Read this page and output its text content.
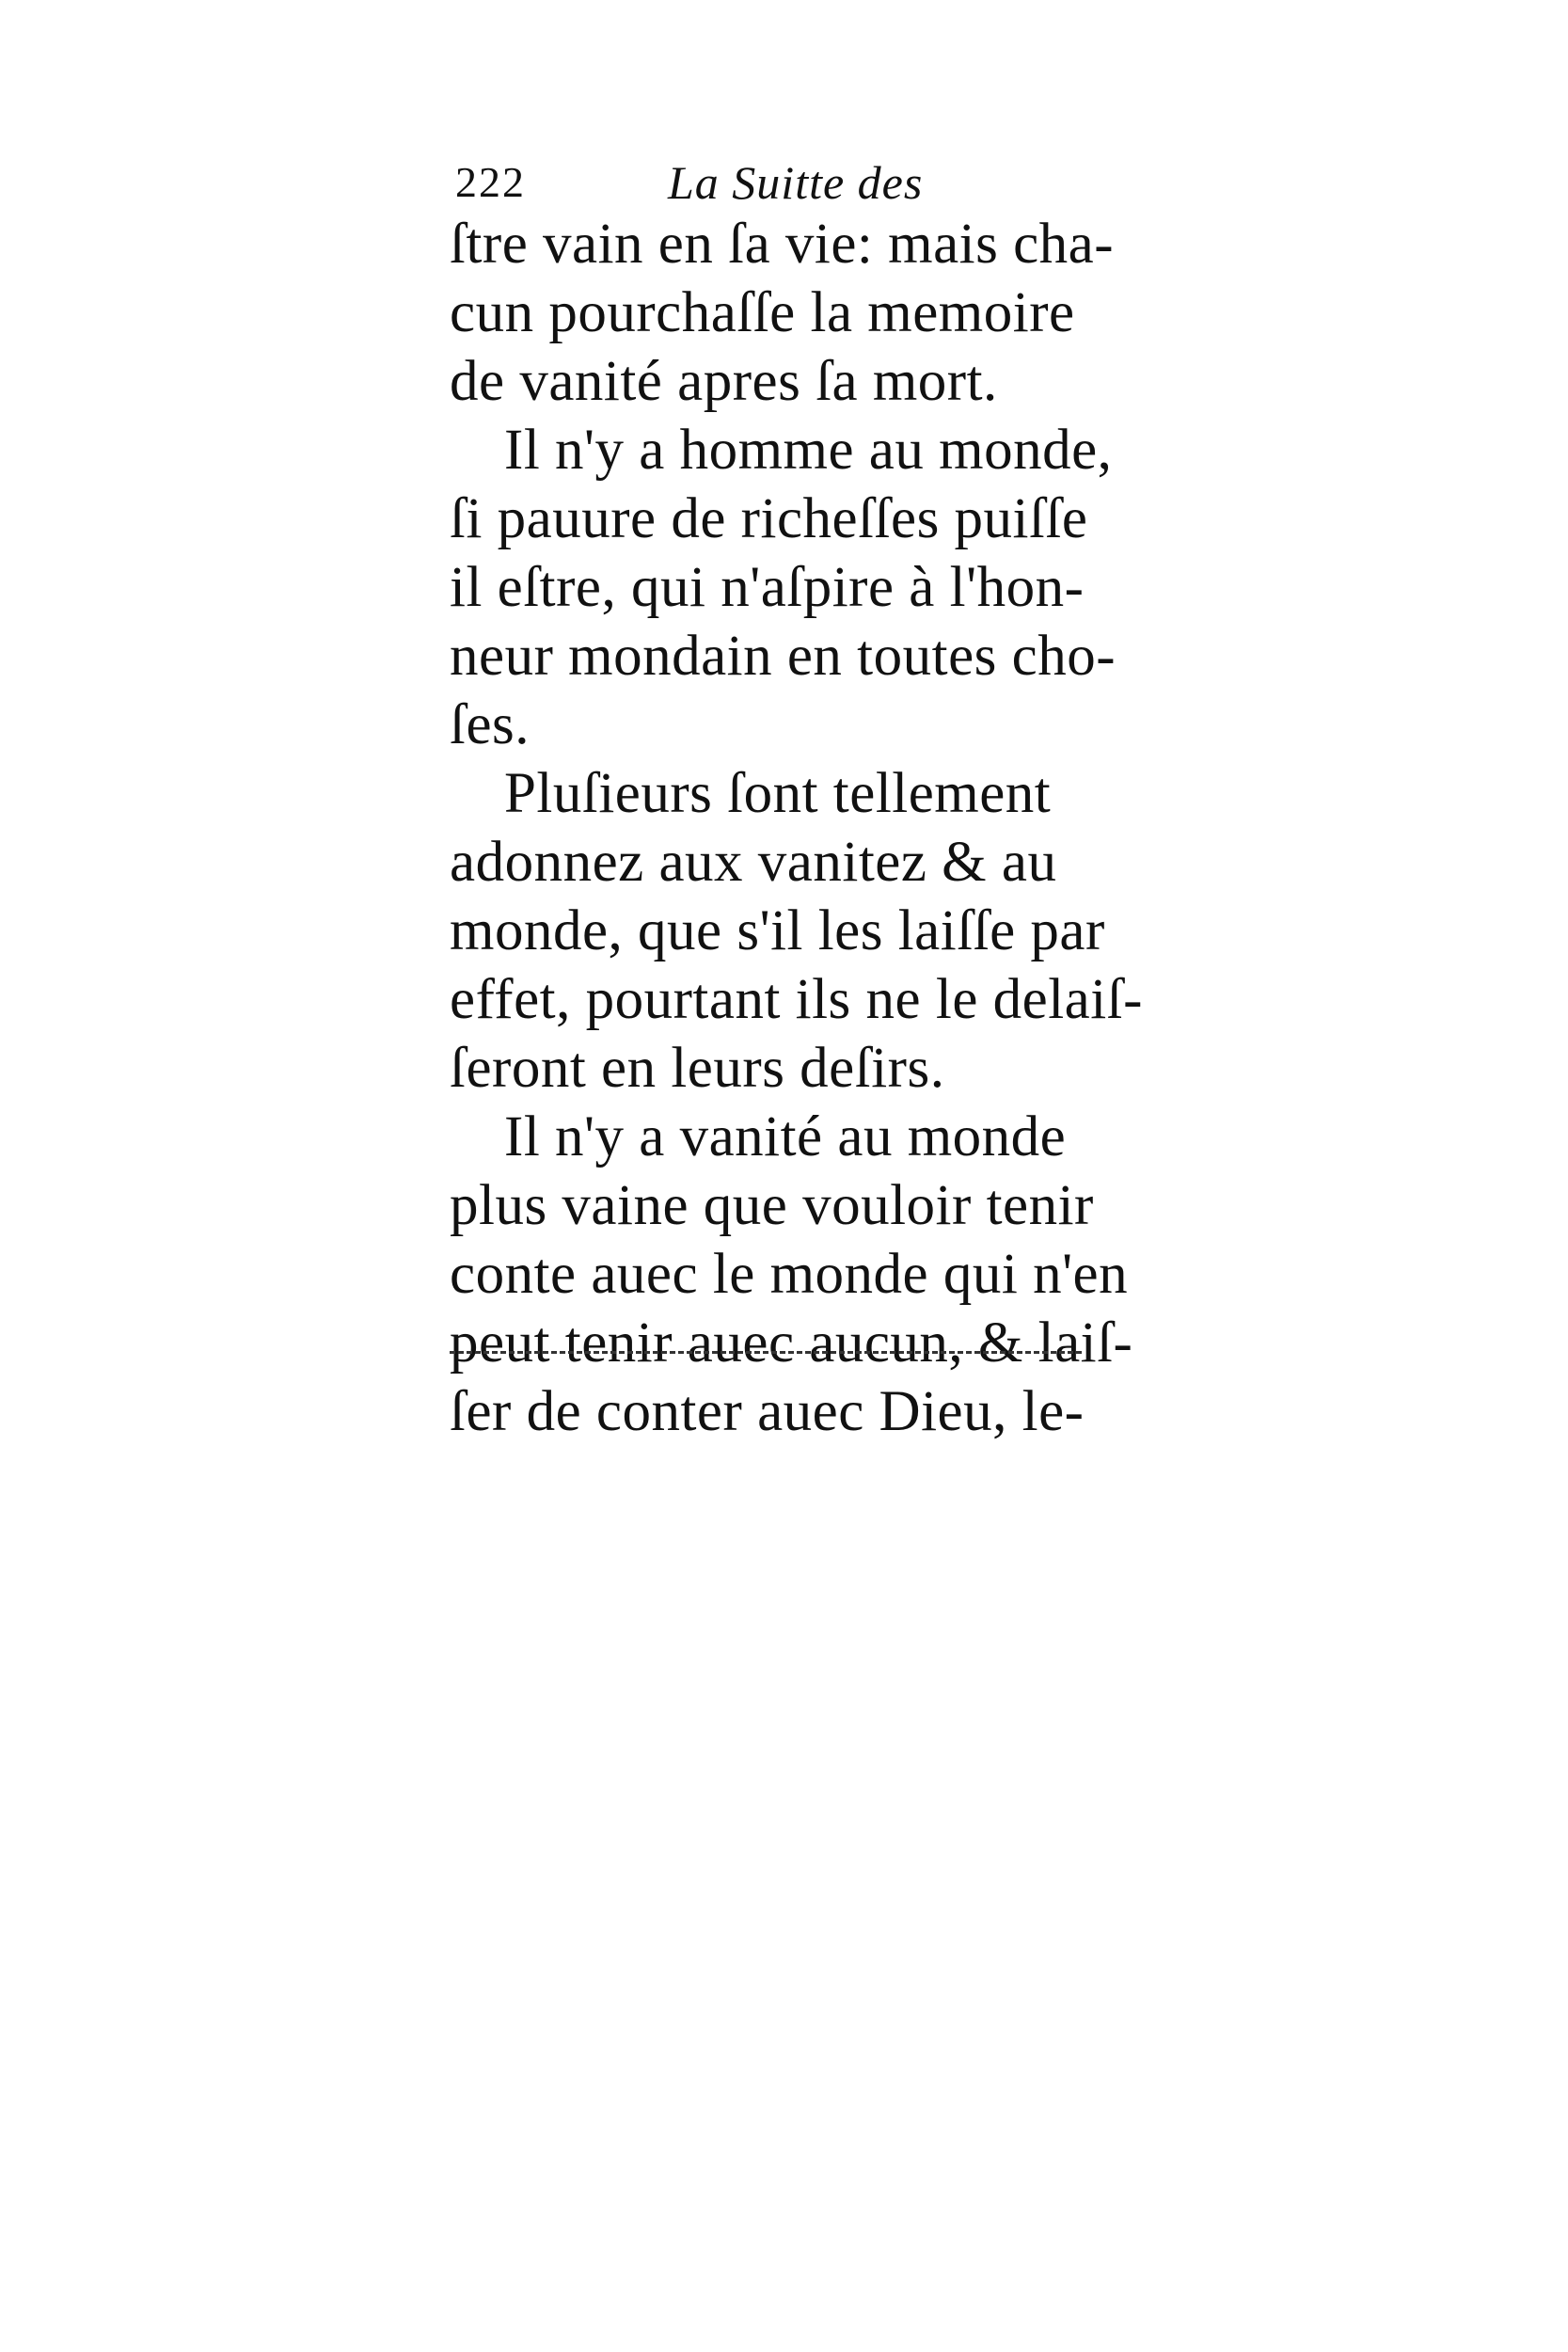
222	La Suitte des
ſtre vain en ſa vie: mais cha-
cun pourchaſſe la memoire
de vanité apres ſa mort.
Il n'y a homme au monde,
ſi pauure de richeſſes puiſſe
il eſtre, qui n'aſpire à l'hon-
neur mondain en toutes cho-
ſes.
Pluſieurs ſont tellement
adonnez aux vanitez & au
monde, que s'il les laiſſe par
effet, pourtant ils ne le delaiſ-
ſeront en leurs deſirs.
Il n'y a vanité au monde
plus vaine que vouloir tenir
conte auec le monde qui n'en
peut tenir auec aucun, & laiſ-
ſer de conter auec Dieu, le-
